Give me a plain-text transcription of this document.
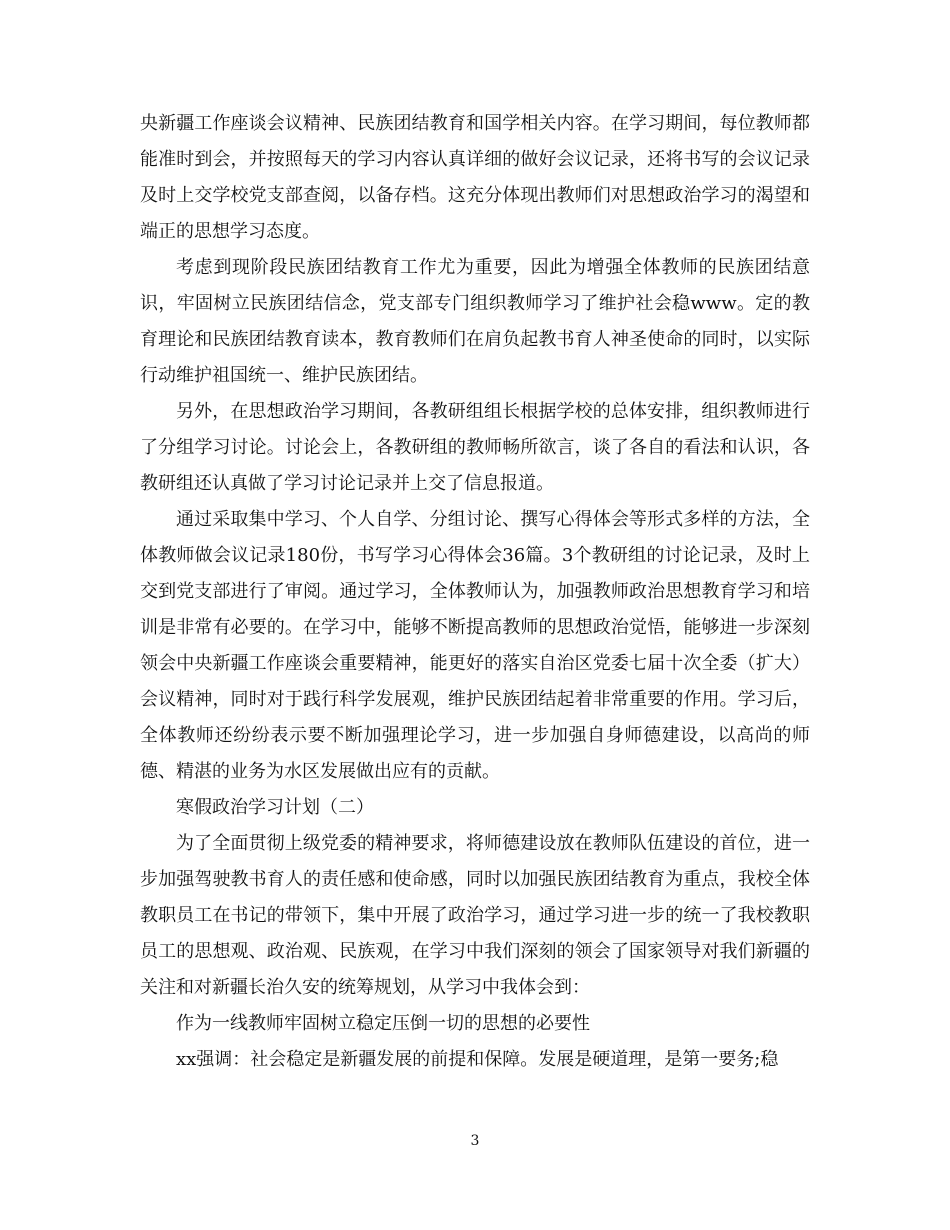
央新疆工作座谈会议精神、民族团结教育和国学相关内容。在学习期间，每位教师都能准时到会，并按照每天的学习内容认真详细的做好会议记录，还将书写的会议记录及时上交学校党支部查阅，以备存档。这充分体现出教师们对思想政治学习的渴望和端正的思想学习态度。

考虑到现阶段民族团结教育工作尤为重要，因此为增强全体教师的民族团结意识，牢固树立民族团结信念，党支部专门组织教师学习了维护社会稳www。定的教育理论和民族团结教育读本，教育教师们在肩负起教书育人神圣使命的同时，以实际行动维护祖国统一、维护民族团结。

另外，在思想政治学习期间，各教研组组长根据学校的总体安排，组织教师进行了分组学习讨论。讨论会上，各教研组的教师畅所欲言，谈了各自的看法和认识，各教研组还认真做了学习讨论记录并上交了信息报道。

通过采取集中学习、个人自学、分组讨论、撰写心得体会等形式多样的方法，全体教师做会议记录180份，书写学习心得体会36篇。3个教研组的讨论记录，及时上交到党支部进行了审阅。通过学习，全体教师认为，加强教师政治思想教育学习和培训是非常有必要的。在学习中，能够不断提高教师的思想政治觉悟，能够进一步深刻领会中央新疆工作座谈会重要精神，能更好的落实自治区党委七届十次全委（扩大）会议精神，同时对于践行科学发展观，维护民族团结起着非常重要的作用。学习后，全体教师还纷纷表示要不断加强理论学习，进一步加强自身师德建设，以高尚的师德、精湛的业务为水区发展做出应有的贡献。

寒假政治学习计划（二）

为了全面贯彻上级党委的精神要求，将师德建设放在教师队伍建设的首位，进一步加强驾驶教书育人的责任感和使命感，同时以加强民族团结教育为重点，我校全体教职员工在书记的带领下，集中开展了政治学习，通过学习进一步的统一了我校教职员工的思想观、政治观、民族观，在学习中我们深刻的领会了国家领导对我们新疆的关注和对新疆长治久安的统筹规划，从学习中我体会到：

作为一线教师牢固树立稳定压倒一切的思想的必要性

xx强调：社会稳定是新疆发展的前提和保障。发展是硬道理，是第一要务;稳

3
